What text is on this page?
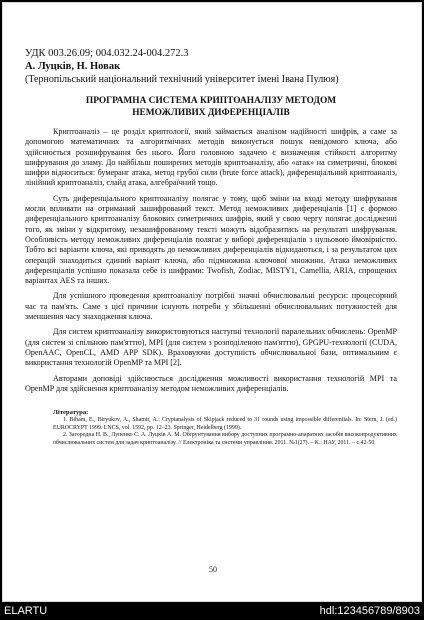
УДК 003.26.09; 004.032.24-004.272.3
А. Луцків, Н. Новак
(Тернопільський національний технічний університет імені Івана Пулюя)
ПРОГРАМНА СИСТЕМА КРИПТОАНАЛІЗУ МЕТОДОМ НЕМОЖЛИВИХ ДИФЕРЕНЦІАЛІВ

Криптоаналіз – це розділ криптології, який займається аналізом надійності шифрів, а саме за допомогою математичних та алгоритмічних методів виконується пошук невідомого ключа, або здійснюється розшифрування без нього. Його головною задачею є визначення стійкості алгоритму шифрування до зламу. До найбільш поширених методів криптоаналізу, або «атак» на симетричні, блокові шифри відноситься: бумеранг атака, метод грубої сили (brute force attack), диференціальний криптоаналіз, лінійний криптоаналіз, слайд атака, алгебраїчний тощо.

Суть диференціального криптоаналізу полягає у тому, щоб зміни на вході методу шифрування могли впливати на отриманий зашифрований текст. Метод неможливих диференціалів [1] є формою диференціального криптоаналізу блокових симетричних шифрів, який у свою чергу полягає дослідженні того, як зміни у відкритому, незашифрованому тексті можуть відобразитись на результаті шифрування. Особливість методу неможливих диференціалів полягає у виборі диференціалів з нульовою ймовірністю. Тобто всі варіанти ключа, які приводять до неможливих диференціалів відкидаються, і за результатом цих операцій знаходиться єдиний варіант ключа, або підмножина ключової множини. Атака неможливих диференціалів успішно показала себе із шифрами: Twofish, Zodiac, MISTY1, Camellia, ARIA, спрощених варіантах AES та інших.

Для успішного проведення криптоаналізу потрібні значні обчислювальні ресурси: процесорний час та пам'ять. Саме з цієї причини існують потреби у збільшенні обчислювальних потужностей для зменшення часу знаходження ключа.

Для систем криптоаналізу використовуються наступні технології паралельних обчислень: OpenMP (для систем зі спільною пам'яттю), MPI (для систем з розподіленою пам'яттю), GPGPU-технології (CUDA, OpenAAC, OpenCL, AMD APP SDK). Враховуючи доступність обчислювальної бази, оптимальним є використання технологій OpenMP та MPI [2].

Авторами доповіді здійснюється дослідження можливості використання технологій MPI та OpenMP для здійснення криптоаналізу методом неможливих диференціалів.

Література:

1. Biham, E., Biryukov, A., Shamir, A.: Cryptanalysis of Skipjack reduced to 31 rounds using impossible differentials. In: Stern, J. (ed.) EUROCRYPT 1999. LNCS, vol. 1592, pp. 12–23. Springer, Heidelberg (1999).

2. Загородна Н. В., Лупенко С. А. Луцків А. М. Обґрунтування вибору доступних програмно-апаратних засобів високопродуктивних обчислювальних систем для задач криптоаналізу. // Електроніка та системи управління. 2011. №1(27). – К.: НАУ, 2011. – с.42-50.

50
ELARTU	hdl:123456789/8903
